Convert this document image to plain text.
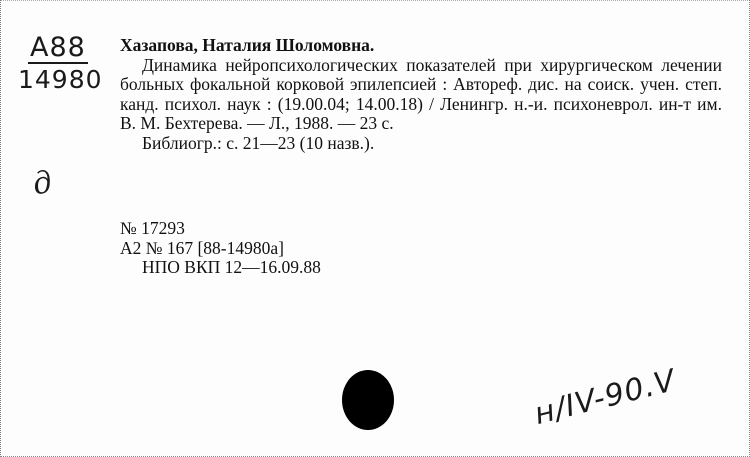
A88
14980
д
Хазапова, Наталия Шоломовна.

Динамика нейропсихологических показателей при хирургическом лечении больных фокальной корковой эпилепсией : Автореф. дис. на соиск. учен. степ. канд. психол. наук : (19.00.04; 14.00.18) / Ленингр. н.-и. психоневрол. ин-т им. В. М. Бехтерева. — Л., 1988. — 23 с.

Библиогр.: с. 21—23 (10 назв.).

№ 17293
А2 № 167 [88-14980а]
НПО ВКП 12—16.09.88
н/IV-90.V
